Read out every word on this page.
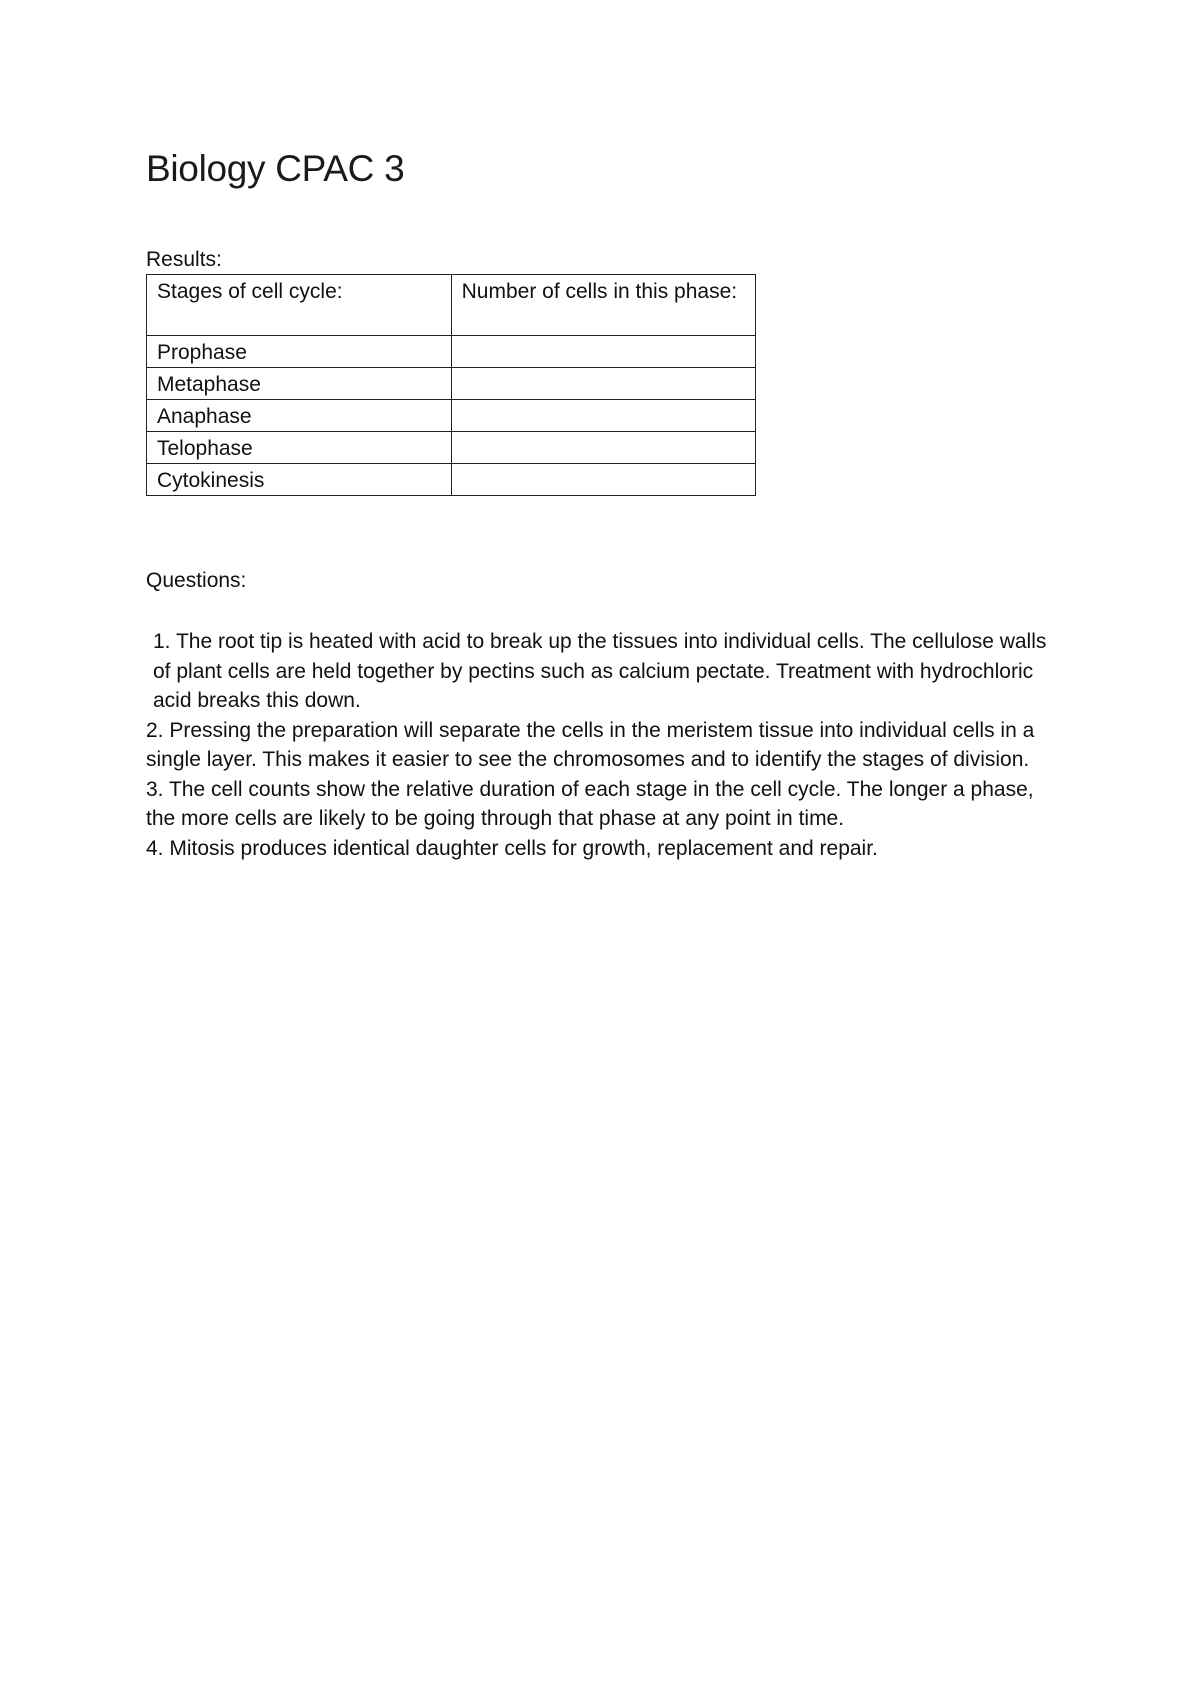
Biology CPAC 3
Results:
Stages of cell cycle:	Number of cells in this phase:
Prophase	
Metaphase	
Anaphase	
Telophase	
Cytokinesis	
Questions:

1. The root tip is heated with acid to break up the tissues into individual cells. The cellulose walls of plant cells are held together by pectins such as calcium pectate. Treatment with hydrochloric acid breaks this down.

2. Pressing the preparation will separate the cells in the meristem tissue into individual cells in a single layer. This makes it easier to see the chromosomes and to identify the stages of division.

3. The cell counts show the relative duration of each stage in the cell cycle. The longer a phase, the more cells are likely to be going through that phase at any point in time.

4. Mitosis produces identical daughter cells for growth, replacement and repair.
